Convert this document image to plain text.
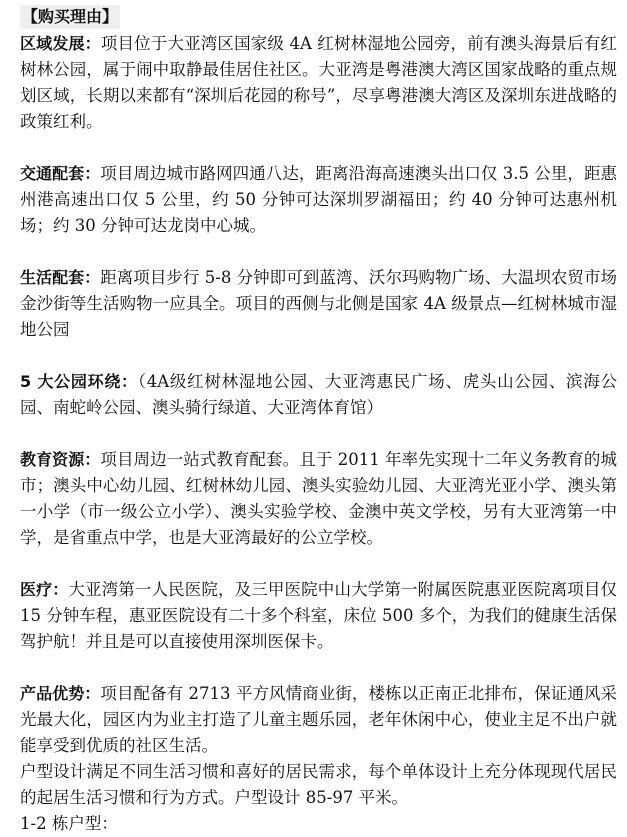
【购买理由】

区域发展：项目位于大亚湾区国家级 4A 红树林湿地公园旁，前有澳头海景后有红树林公园，属于闹中取静最佳居住社区。大亚湾是粤港澳大湾区国家战略的重点规划区域，长期以来都有“深圳后花园的称号”，尽享粤港澳大湾区及深圳东进战略的政策红利。

交通配套：项目周边城市路网四通八达，距离沿海高速澳头出口仅 3.5 公里，距惠州港高速出口仅 5 公里，约 50 分钟可达深圳罗湖福田；约 40 分钟可达惠州机场；约 30 分钟可达龙岗中心城。

生活配套：距离项目步行 5-8 分钟即可到蓝湾、沃尔玛购物广场、大温坝农贸市场金沙街等生活购物一应具全。项目的西侧与北侧是国家 4A 级景点—红树林城市湿地公园

5 大公园环绕：（4A级红树林湿地公园、大亚湾惠民广场、虎头山公园、滨海公园、南蛇岭公园、澳头骑行绿道、大亚湾体育馆）

教育资源：项目周边一站式教育配套。且于 2011 年率先实现十二年义务教育的城市；澳头中心幼儿园、红树林幼儿园、澳头实验幼儿园、大亚湾光亚小学、澳头第一小学（市一级公立小学）、澳头实验学校、金澳中英文学校，另有大亚湾第一中学，是省重点中学，也是大亚湾最好的公立学校。

医疗：大亚湾第一人民医院，及三甲医院中山大学第一附属医院惠亚医院离项目仅 15 分钟车程，惠亚医院设有二十多个科室，床位 500 多个，为我们的健康生活保驾护航！并且是可以直接使用深圳医保卡。

产品优势：项目配备有 2713 平方风情商业街，楼栋以正南正北排布，保证通风采光最大化，园区内为业主打造了儿童主题乐园，老年休闲中心，使业主足不出户就能享受到优质的社区生活。

户型设计满足不同生活习惯和喜好的居民需求，每个单体设计上充分体现现代居民的起居生活习惯和行为方式。户型设计 85-97 平米。

1-2 栋户型：
